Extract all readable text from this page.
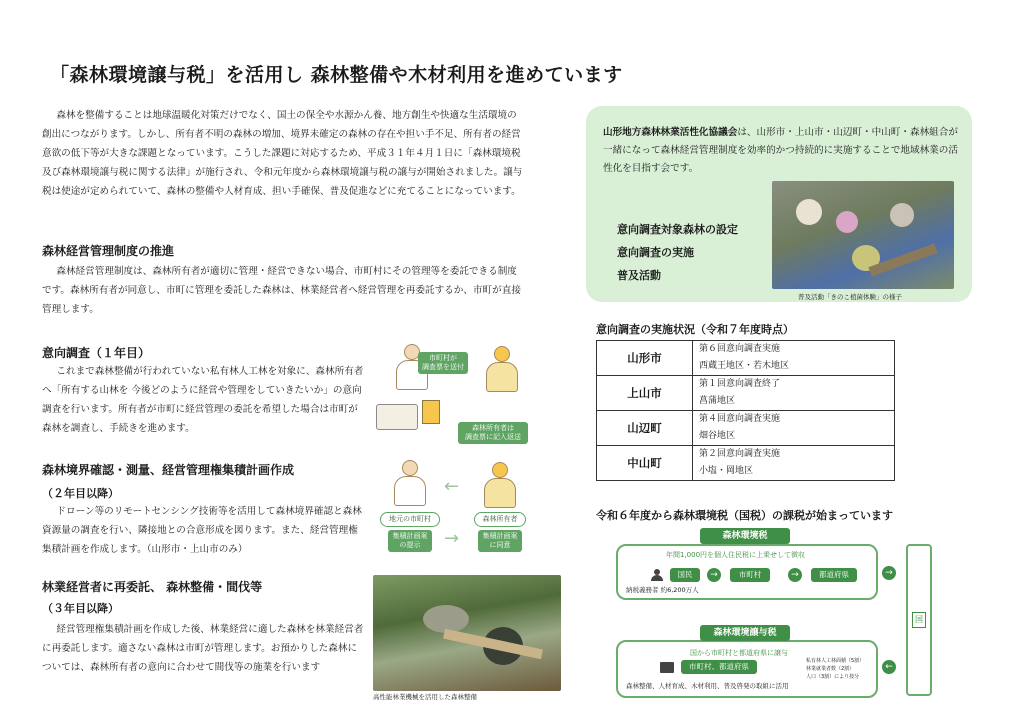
「森林環境譲与税」を活用し 森林整備や木材利用を進めています
森林を整備することは地球温暖化対策だけでなく、国土の保全や水源かん養、地方創生や快適な生活環境の創出につながります。しかし、所有者不明の森林の増加、境界未確定の森林の存在や担い手不足、所有者の経営意欲の低下等が大きな課題となっています。こうした課題に対応するため、平成３１年４月１日に「森林環境税及び森林環境譲与税に関する法律」が施行され、令和元年度から森林環境譲与税の譲与が開始されました。譲与税は使途が定められていて、森林の整備や人材育成、担い手確保、普及促進などに充てることになっています。
森林経営管理制度の推進
森林経営管理制度は、森林所有者が適切に管理・経営できない場合、市町村にその管理等を委託できる制度です。森林所有者が同意し、市町に管理を委託した森林は、林業経営者へ経営管理を再委託するか、市町が直接管理します。
意向調査（１年目）
これまで森林整備が行われていない私有林人工林を対象に、森林所有者へ「所有する山林を 今後どのように経営や管理をしていきたいか」の意向調査を行います。所有者が市町に経営管理の委託を希望した場合は市町が森林を調査し、手続きを進めます。
市町村が
調査票を送付
森林所有者は
調査票に記入返送
森林境界確認・測量、経営管理権集積計画作成
（２年目以降）
ドローン等のリモートセンシング技術等を活用して森林境界確認と森林資源量の調査を行い、隣接地との合意形成を図ります。また、経営管理権集積計画を作成します。（山形市・上山市のみ）
←
地元の市町村	森林所有者
集積計画案
の提示	→	集積計画案
に同意
林業経営者に再委託、 森林整備・間伐等
（３年目以降）
経営管理権集積計画を作成した後、林業経営に適した森林を林業経営者に再委託します。適さない森林は市町が管理します。お預かりした森林については、森林所有者の意向に合わせて間伐等の施業を行います
高性能林業機械を活用した森林整備
山形地方森林林業活性化協議会は、山形市・上山市・山辺町・中山町・森林組合が一緒になって森林経営管理制度を効率的かつ持続的に実施することで地域林業の活性化を目指す会です。
意向調査対象森林の設定
意向調査の実施
普及活動
普及活動「きのこ植菌体験」の様子
意向調査の実施状況（令和７年度時点）
山形市	第６回意向調査実施
	西蔵王地区・若木地区
上山市	第１回意向調査終了
	菖蒲地区
山辺町	第４回意向調査実施
	畑谷地区
中山町	第２回意向調査実施
	小塩・岡地区
令和６年度から森林環境税（国税）の課税が始まっています
森林環境税
年間1,000円を個人住民税に上乗せして徴収
国民	→	市町村	→	都道府県
納税義務者 約6,200万人
→
森林環境譲与税
国から市町村と都道府県に譲与
市町村、都道府県
私有林人工林面積（5割）
林業就業者数（2割）
人口（3割）により按分
森林整備、人材育成、木材利用、普及啓発の取組に活用
←
国
